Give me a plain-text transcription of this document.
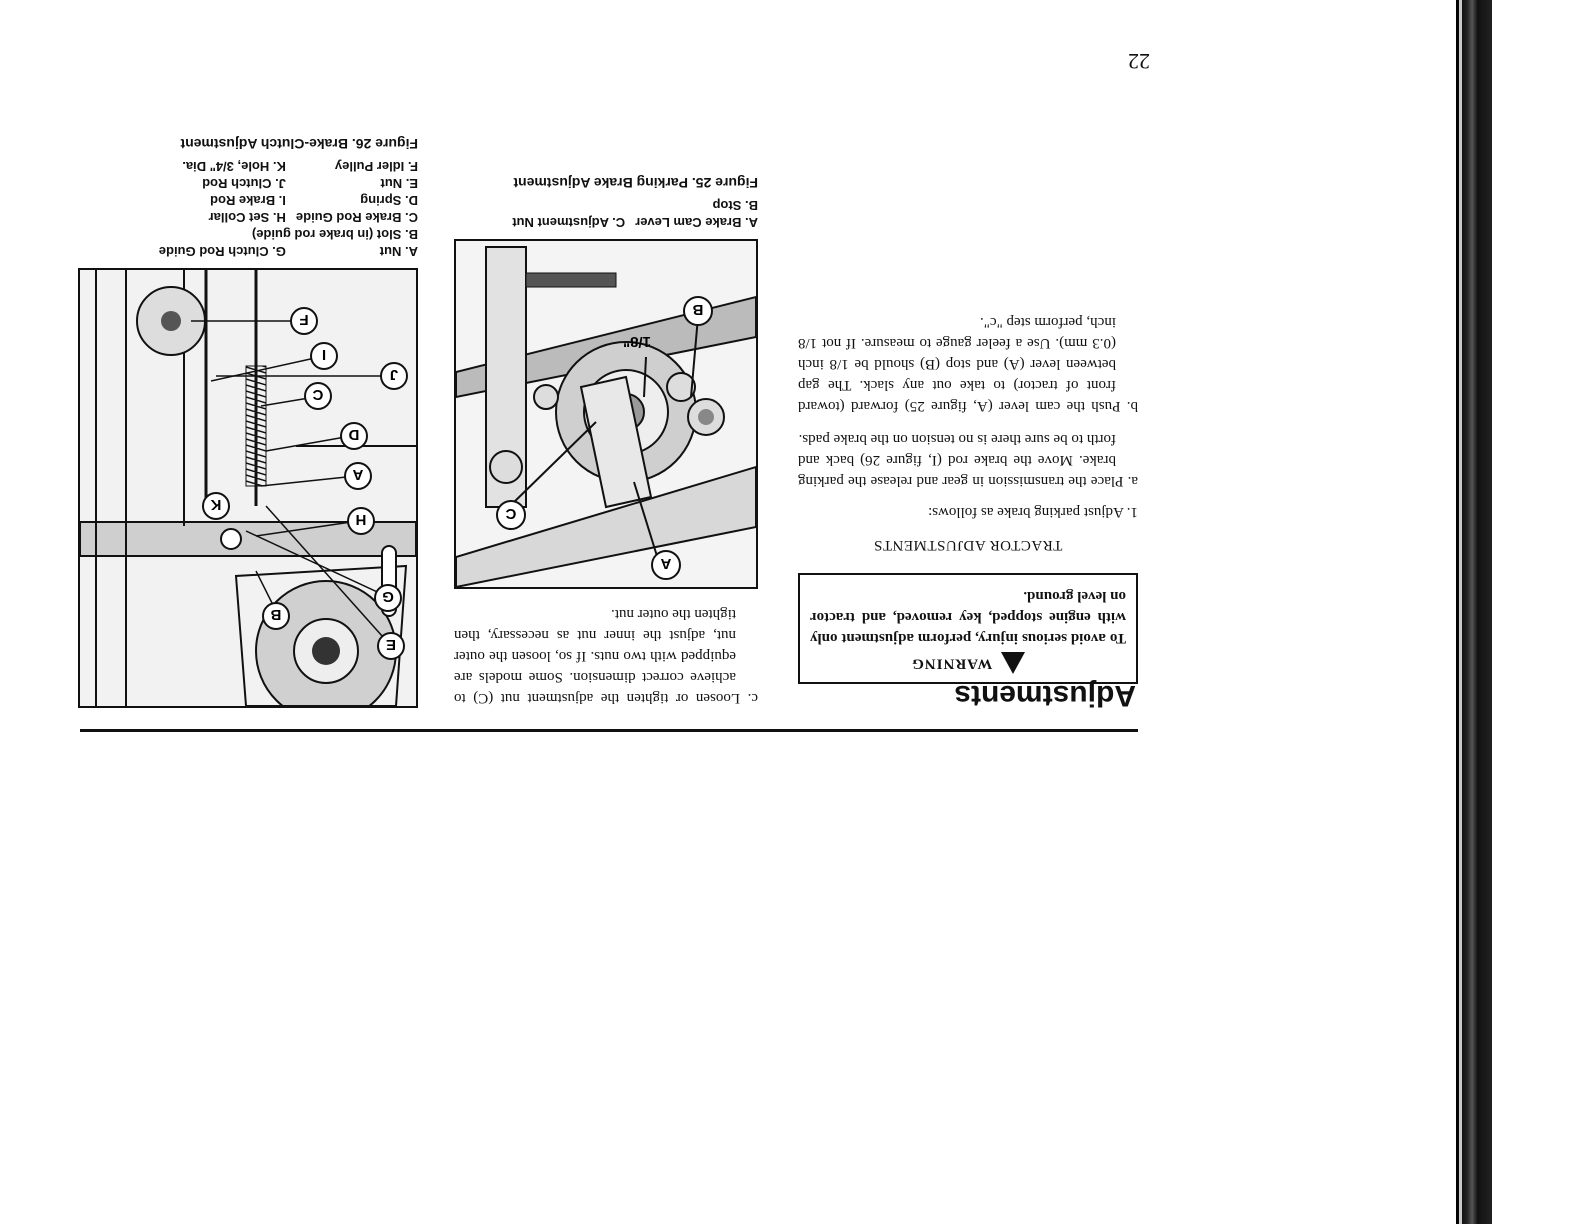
22
Adjustments
WARNING
To avoid serious injury, perform adjustment only with engine stopped, key removed, and tractor on level ground.
TRACTOR ADJUSTMENTS

1. Adjust parking brake as follows:

a. Place the transmission in gear and release the parking brake. Move the brake rod (I, figure 26) back and forth to be sure there is no tension on the brake pads.

b. Push the cam lever (A, figure 25) forward (toward front of tractor) to take out any slack. The gap between lever (A) and stop (B) should be 1/8 inch (0.3 mm). Use a feeler gauge to measure. If not 1/8 inch, perform step "c".

c. Loosen or tighten the adjustment nut (C) to achieve correct dimension. Some models are equipped with two nuts. If so, loosen the outer nut, adjust the inner nut as necessary, then tighten the outer nut.

A
C
B
1/8"
A. Brake Cam Lever	C. Adjustment Nut
B. Stop	
Figure 25. Parking Brake Adjustment
E
G
B
H
A
D
C
I
F
J
K
A. Nut	G. Clutch Rod Guide
B. Slot (in brake rod guide)	
C. Brake Rod Guide	H. Set Collar
D. Spring	I. Brake Rod
E. Nut	J. Clutch Rod
F. Idler Pulley	K. Hole, 3/4" Dia.
Figure 26. Brake-Clutch Adjustment
